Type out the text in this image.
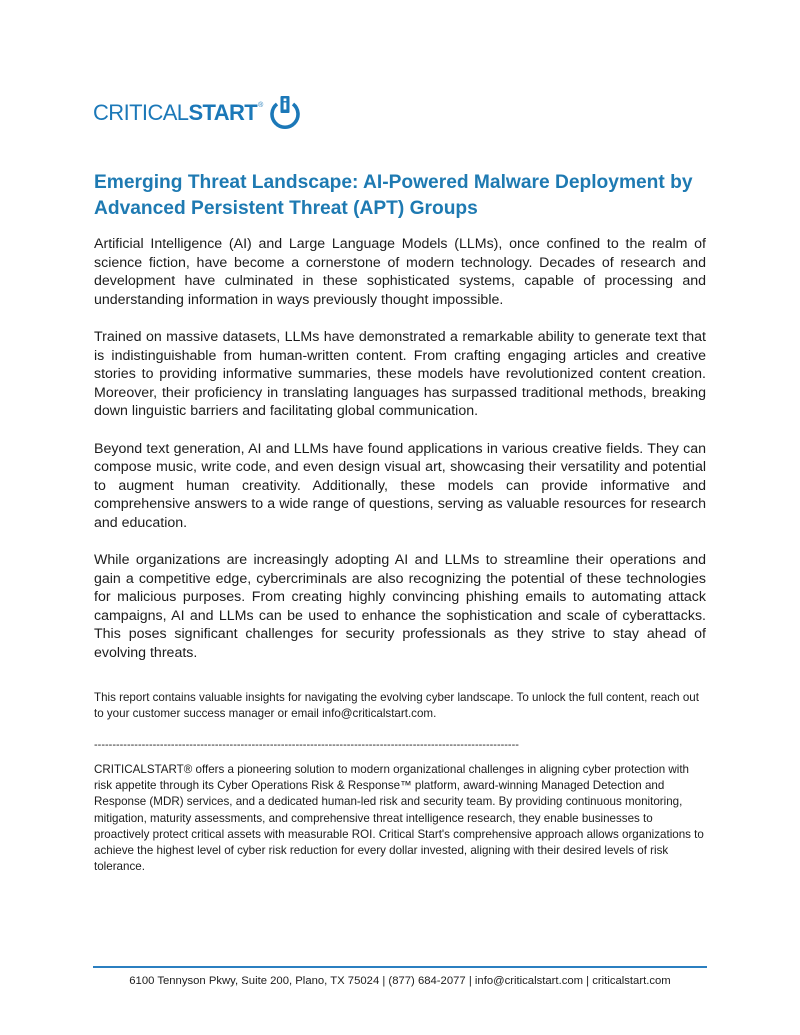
CRITICALSTART®
Emerging Threat Landscape: AI-Powered Malware Deployment by Advanced Persistent Threat (APT) Groups

Artificial Intelligence (AI) and Large Language Models (LLMs), once confined to the realm of science fiction, have become a cornerstone of modern technology. Decades of research and development have culminated in these sophisticated systems, capable of processing and understanding information in ways previously thought impossible.

Trained on massive datasets, LLMs have demonstrated a remarkable ability to generate text that is indistinguishable from human-written content. From crafting engaging articles and creative stories to providing informative summaries, these models have revolutionized content creation. Moreover, their proficiency in translating languages has surpassed traditional methods, breaking down linguistic barriers and facilitating global communication.

Beyond text generation, AI and LLMs have found applications in various creative fields. They can compose music, write code, and even design visual art, showcasing their versatility and potential to augment human creativity. Additionally, these models can provide informative and comprehensive answers to a wide range of questions, serving as valuable resources for research and education.

While organizations are increasingly adopting AI and LLMs to streamline their operations and gain a competitive edge, cybercriminals are also recognizing the potential of these technologies for malicious purposes. From creating highly convincing phishing emails to automating attack campaigns, AI and LLMs can be used to enhance the sophistication and scale of cyberattacks. This poses significant challenges for security professionals as they strive to stay ahead of evolving threats.

This report contains valuable insights for navigating the evolving cyber landscape. To unlock the full content, reach out to your customer success manager or email info@criticalstart.com.
--------------------------------------------------------------------------------------------------------------------
CRITICALSTART® offers a pioneering solution to modern organizational challenges in aligning cyber protection with risk appetite through its Cyber Operations Risk & Response™ platform, award-winning Managed Detection and Response (MDR) services, and a dedicated human-led risk and security team. By providing continuous monitoring, mitigation, maturity assessments, and comprehensive threat intelligence research, they enable businesses to proactively protect critical assets with measurable ROI. Critical Start's comprehensive approach allows organizations to achieve the highest level of cyber risk reduction for every dollar invested, aligning with their desired levels of risk tolerance.
6100 Tennyson Pkwy, Suite 200, Plano, TX 75024 | (877) 684-2077 | info@criticalstart.com | criticalstart.com
